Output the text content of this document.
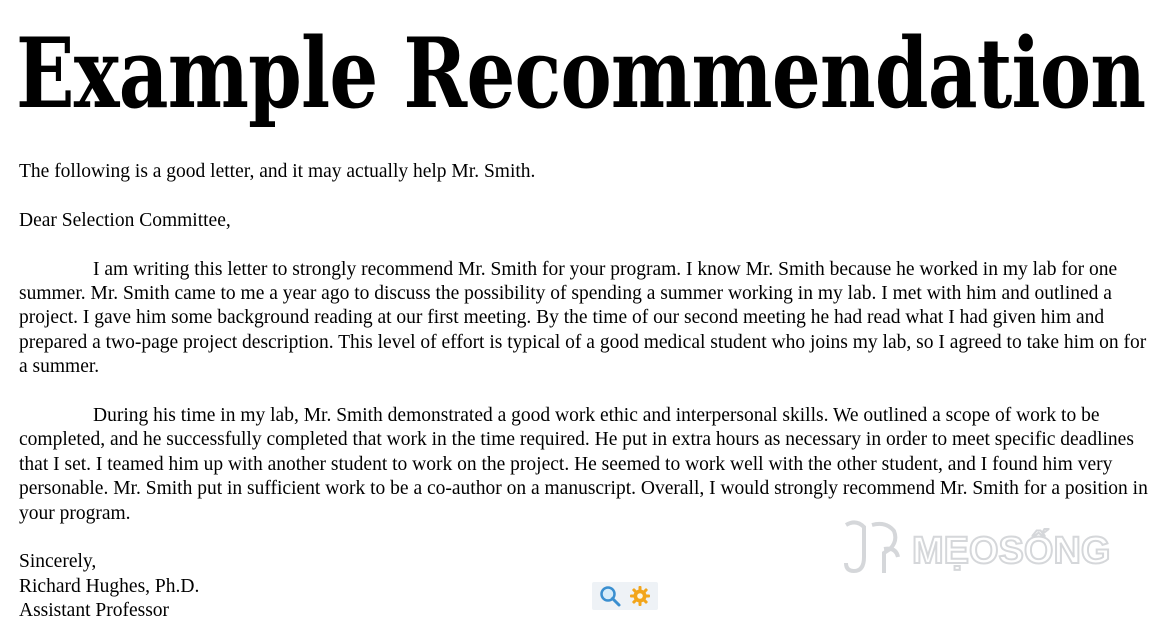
Example Recommendation

The following is a good letter, and it may actually help Mr. Smith.

Dear Selection Committee,

I am writing this letter to strongly recommend Mr. Smith for your program. I know Mr. Smith because he worked in my lab for one summer. Mr. Smith came to me a year ago to discuss the possibility of spending a summer working in my lab. I met with him and outlined a project. I gave him some background reading at our first meeting. By the time of our second meeting he had read what I had given him and prepared a two-page project description. This level of effort is typical of a good medical student who joins my lab, so I agreed to take him on for a summer.

During his time in my lab, Mr. Smith demonstrated a good work ethic and interpersonal skills. We outlined a scope of work to be completed, and he successfully completed that work in the time required. He put in extra hours as necessary in order to meet specific deadlines that I set. I teamed him up with another student to work on the project. He seemed to work well with the other student, and I found him very personable. Mr. Smith put in sufficient work to be a co-author on a manuscript. Overall, I would strongly recommend Mr. Smith for a position in your program.

Sincerely,

Richard Hughes, Ph.D.

Assistant Professor

MẸOSỐNG
